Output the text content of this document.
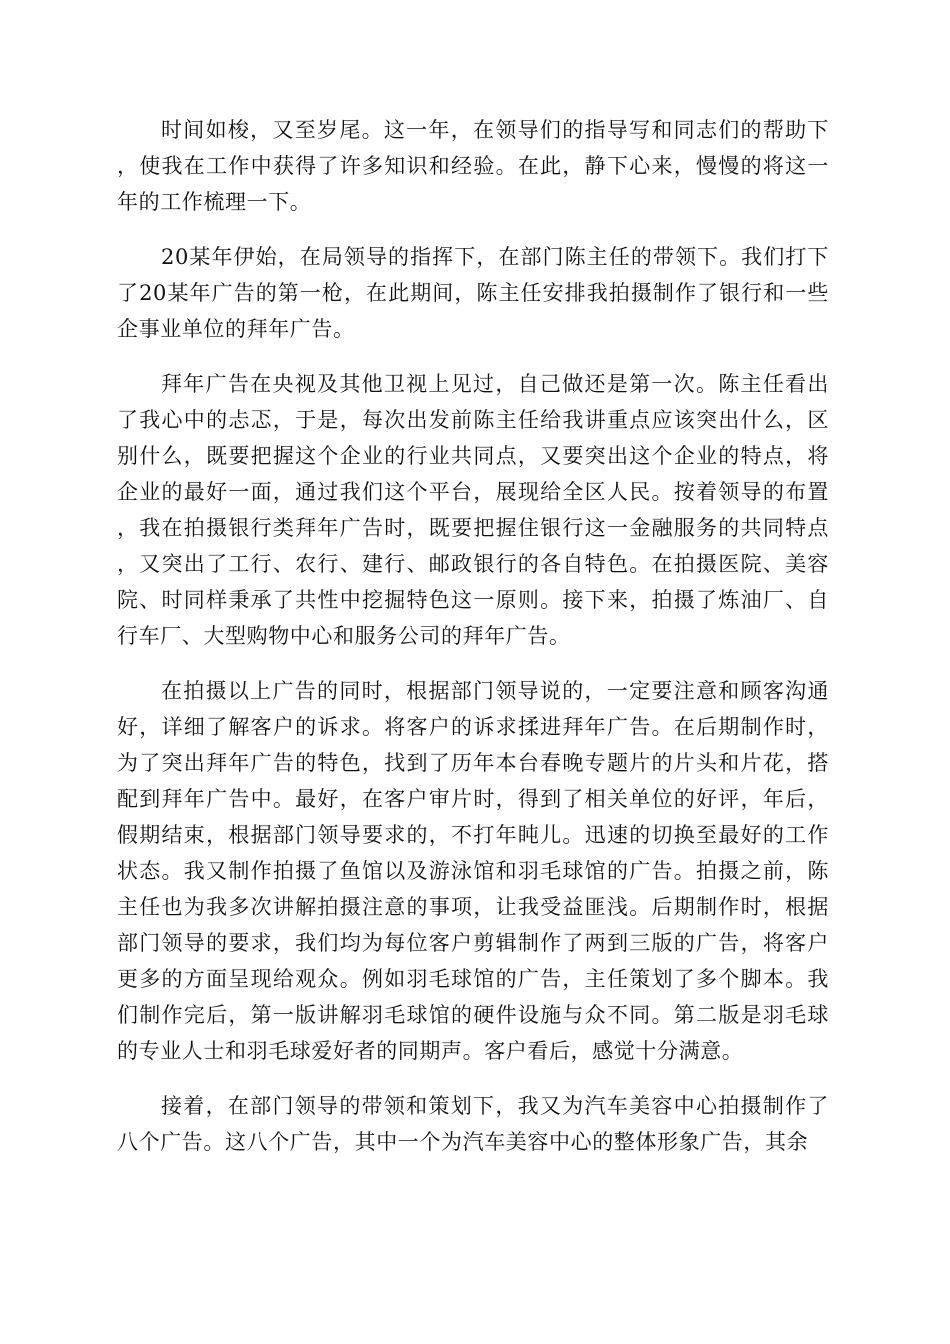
时间如梭，又至岁尾。这一年，在领导们的指导写和同志们的帮助下，使我在工作中获得了许多知识和经验。在此，静下心来，慢慢的将这一年的工作梳理一下。

20某年伊始，在局领导的指挥下，在部门陈主任的带领下。我们打下了20某年广告的第一枪，在此期间，陈主任安排我拍摄制作了银行和一些企事业单位的拜年广告。

拜年广告在央视及其他卫视上见过，自己做还是第一次。陈主任看出了我心中的忐忑，于是，每次出发前陈主任给我讲重点应该突出什么，区别什么，既要把握这个企业的行业共同点，又要突出这个企业的特点，将企业的最好一面，通过我们这个平台，展现给全区人民。按着领导的布置，我在拍摄银行类拜年广告时，既要把握住银行这一金融服务的共同特点，又突出了工行、农行、建行、邮政银行的各自特色。在拍摄医院、美容院、时同样秉承了共性中挖掘特色这一原则。接下来，拍摄了炼油厂、自行车厂、大型购物中心和服务公司的拜年广告。

在拍摄以上广告的同时，根据部门领导说的，一定要注意和顾客沟通好，详细了解客户的诉求。将客户的诉求揉进拜年广告。在后期制作时，为了突出拜年广告的特色，找到了历年本台春晚专题片的片头和片花，搭配到拜年广告中。最好，在客户审片时，得到了相关单位的好评，年后，假期结束，根据部门领导要求的，不打年盹儿。迅速的切换至最好的工作状态。我又制作拍摄了鱼馆以及游泳馆和羽毛球馆的广告。拍摄之前，陈主任也为我多次讲解拍摄注意的事项，让我受益匪浅。后期制作时，根据部门领导的要求，我们均为每位客户剪辑制作了两到三版的广告，将客户更多的方面呈现给观众。例如羽毛球馆的广告，主任策划了多个脚本。我们制作完后，第一版讲解羽毛球馆的硬件设施与众不同。第二版是羽毛球的专业人士和羽毛球爱好者的同期声。客户看后，感觉十分满意。

接着，在部门领导的带领和策划下，我又为汽车美容中心拍摄制作了八个广告。这八个广告，其中一个为汽车美容中心的整体形象广告，其余
